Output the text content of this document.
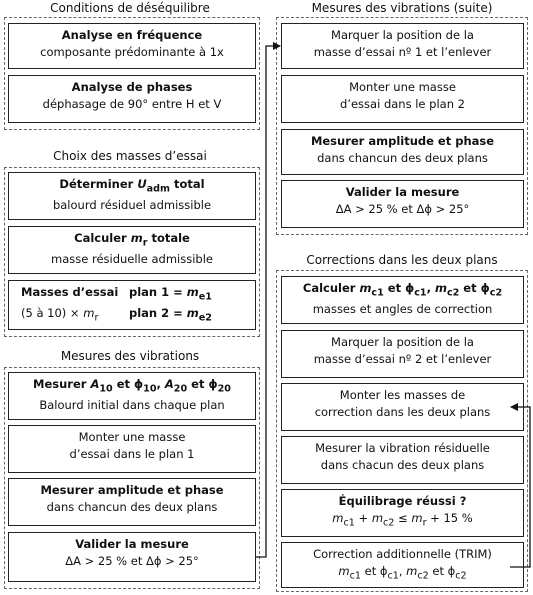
Conditions de déséquilibre
Analyse en fréquence
composante prédominante à 1x
Analyse de phases
déphasage de 90° entre H et V
Choix des masses d’essai
Déterminer $U_{adm}$ total
balourd résiduel admissible
Calculer $m_r$ totale
masse résiduelle admissible
Masses d’essai plan $1 = m_{e1}$
(5 à $10) \times m_r$	plan $2 = m_{e2}$
Mesures des vibrations
Mesurer $A_{10}$ et $\phi_{10}$, $A_{20}$ et $\phi_{20}$
Balourd initial dans chaque plan
Monter une masse
d’essai dans le plan 1
Mesurer amplitude et phase
dans chancun des deux plans
Valider la mesure
ΔA > 25 % et Δϕ > 25°
Mesures des vibrations (suite)
Marquer la position de la
masse d’essai nº 1 et l’enlever
Monter une masse
d’essai dans le plan 2
Mesurer amplitude et phase
dans chancun des deux plans
Valider la mesure
ΔA > 25 % et Δϕ > 25°
Corrections dans les deux plans
Calculer $m_{c1}$ et $\phi_{c1}$, $m_{c2}$ et $\phi_{c2}$
masses et angles de correction
Marquer la position de la
masse d’essai nº 2 et l’enlever
Monter les masses de
correction dans les deux plans
Mesurer la vibration résiduelle
dans chacun des deux plans
Équilibrage réussi ?
$m_{c1} + m_{c2} \le m_r + 15$ %
Correction additionnelle (TRIM)
$m_{c1}$ et $\phi_{c1}$, $m_{c2}$ et $\phi_{c2}$
